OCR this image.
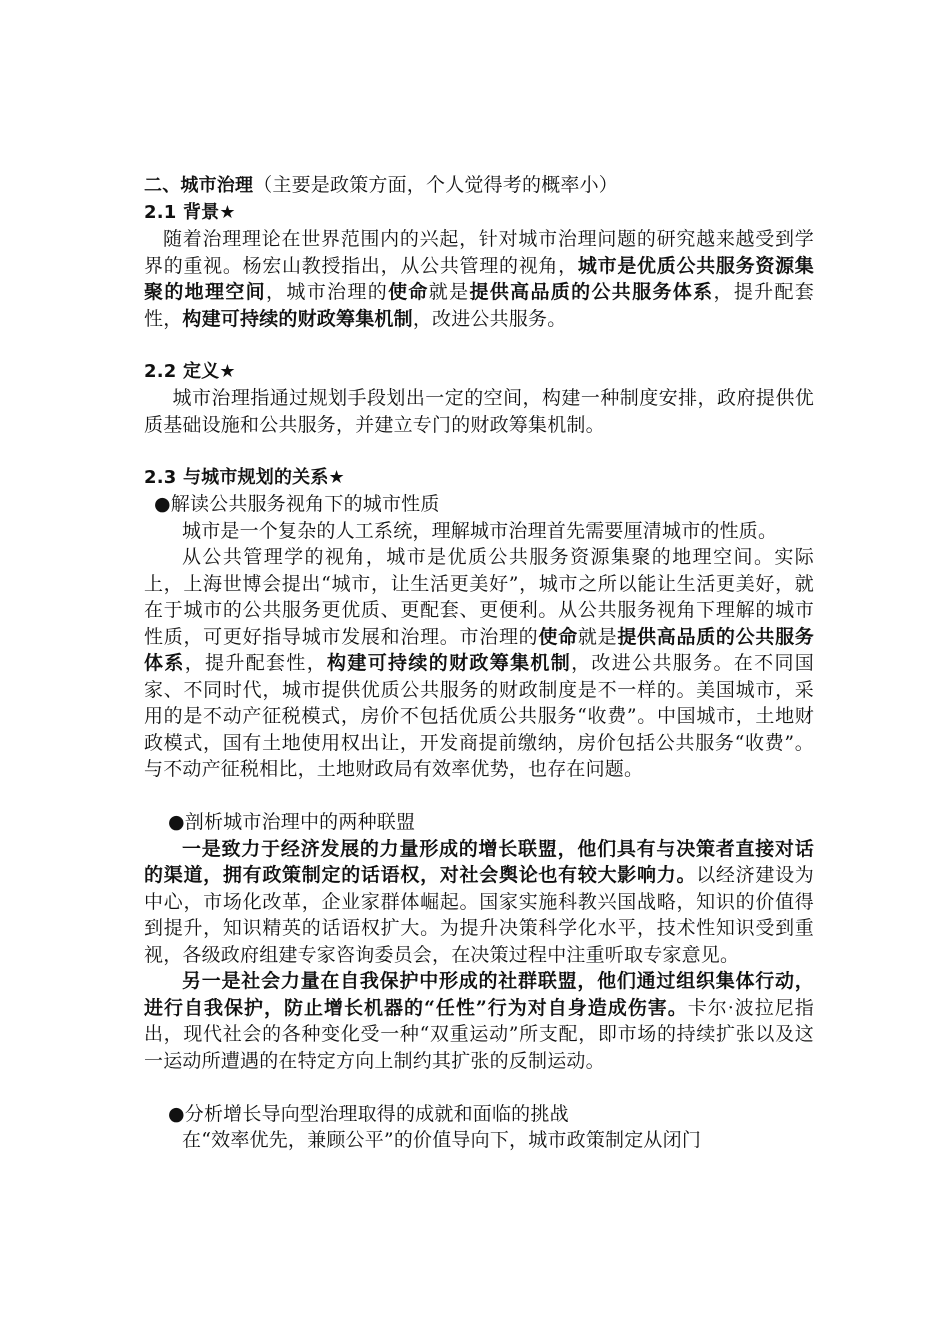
二、城市治理（主要是政策方面，个人觉得考的概率小）

2.1 背景★

随着治理理论在世界范围内的兴起，针对城市治理问题的研究越来越受到学界的重视。杨宏山教授指出，从公共管理的视角，城市是优质公共服务资源集聚的地理空间，城市治理的使命就是提供高品质的公共服务体系，提升配套性，构建可持续的财政筹集机制，改进公共服务。

2.2 定义★

城市治理指通过规划手段划出一定的空间，构建一种制度安排，政府提供优质基础设施和公共服务，并建立专门的财政筹集机制。

2.3 与城市规划的关系★

●解读公共服务视角下的城市性质

城市是一个复杂的人工系统，理解城市治理首先需要厘清城市的性质。

从公共管理学的视角，城市是优质公共服务资源集聚的地理空间。实际上，上海世博会提出“城市，让生活更美好”，城市之所以能让生活更美好，就在于城市的公共服务更优质、更配套、更便利。从公共服务视角下理解的城市性质，可更好指导城市发展和治理。市治理的使命就是提供高品质的公共服务体系，提升配套性，构建可持续的财政筹集机制，改进公共服务。在不同国家、不同时代，城市提供优质公共服务的财政制度是不一样的。美国城市，采用的是不动产征税模式，房价不包括优质公共服务“收费”。中国城市，土地财政模式，国有土地使用权出让，开发商提前缴纳，房价包括公共服务“收费”。与不动产征税相比，土地财政局有效率优势，也存在问题。

●剖析城市治理中的两种联盟

一是致力于经济发展的力量形成的增长联盟，他们具有与决策者直接对话的渠道，拥有政策制定的话语权，对社会舆论也有较大影响力。以经济建设为中心，市场化改革，企业家群体崛起。国家实施科教兴国战略，知识的价值得到提升，知识精英的话语权扩大。为提升决策科学化水平，技术性知识受到重视，各级政府组建专家咨询委员会，在决策过程中注重听取专家意见。

另一是社会力量在自我保护中形成的社群联盟，他们通过组织集体行动，进行自我保护，防止增长机器的“任性”行为对自身造成伤害。卡尔·波拉尼指出，现代社会的各种变化受一种“双重运动”所支配，即市场的持续扩张以及这一运动所遭遇的在特定方向上制约其扩张的反制运动。

●分析增长导向型治理取得的成就和面临的挑战

在“效率优先，兼顾公平”的价值导向下，城市政策制定从闭门
